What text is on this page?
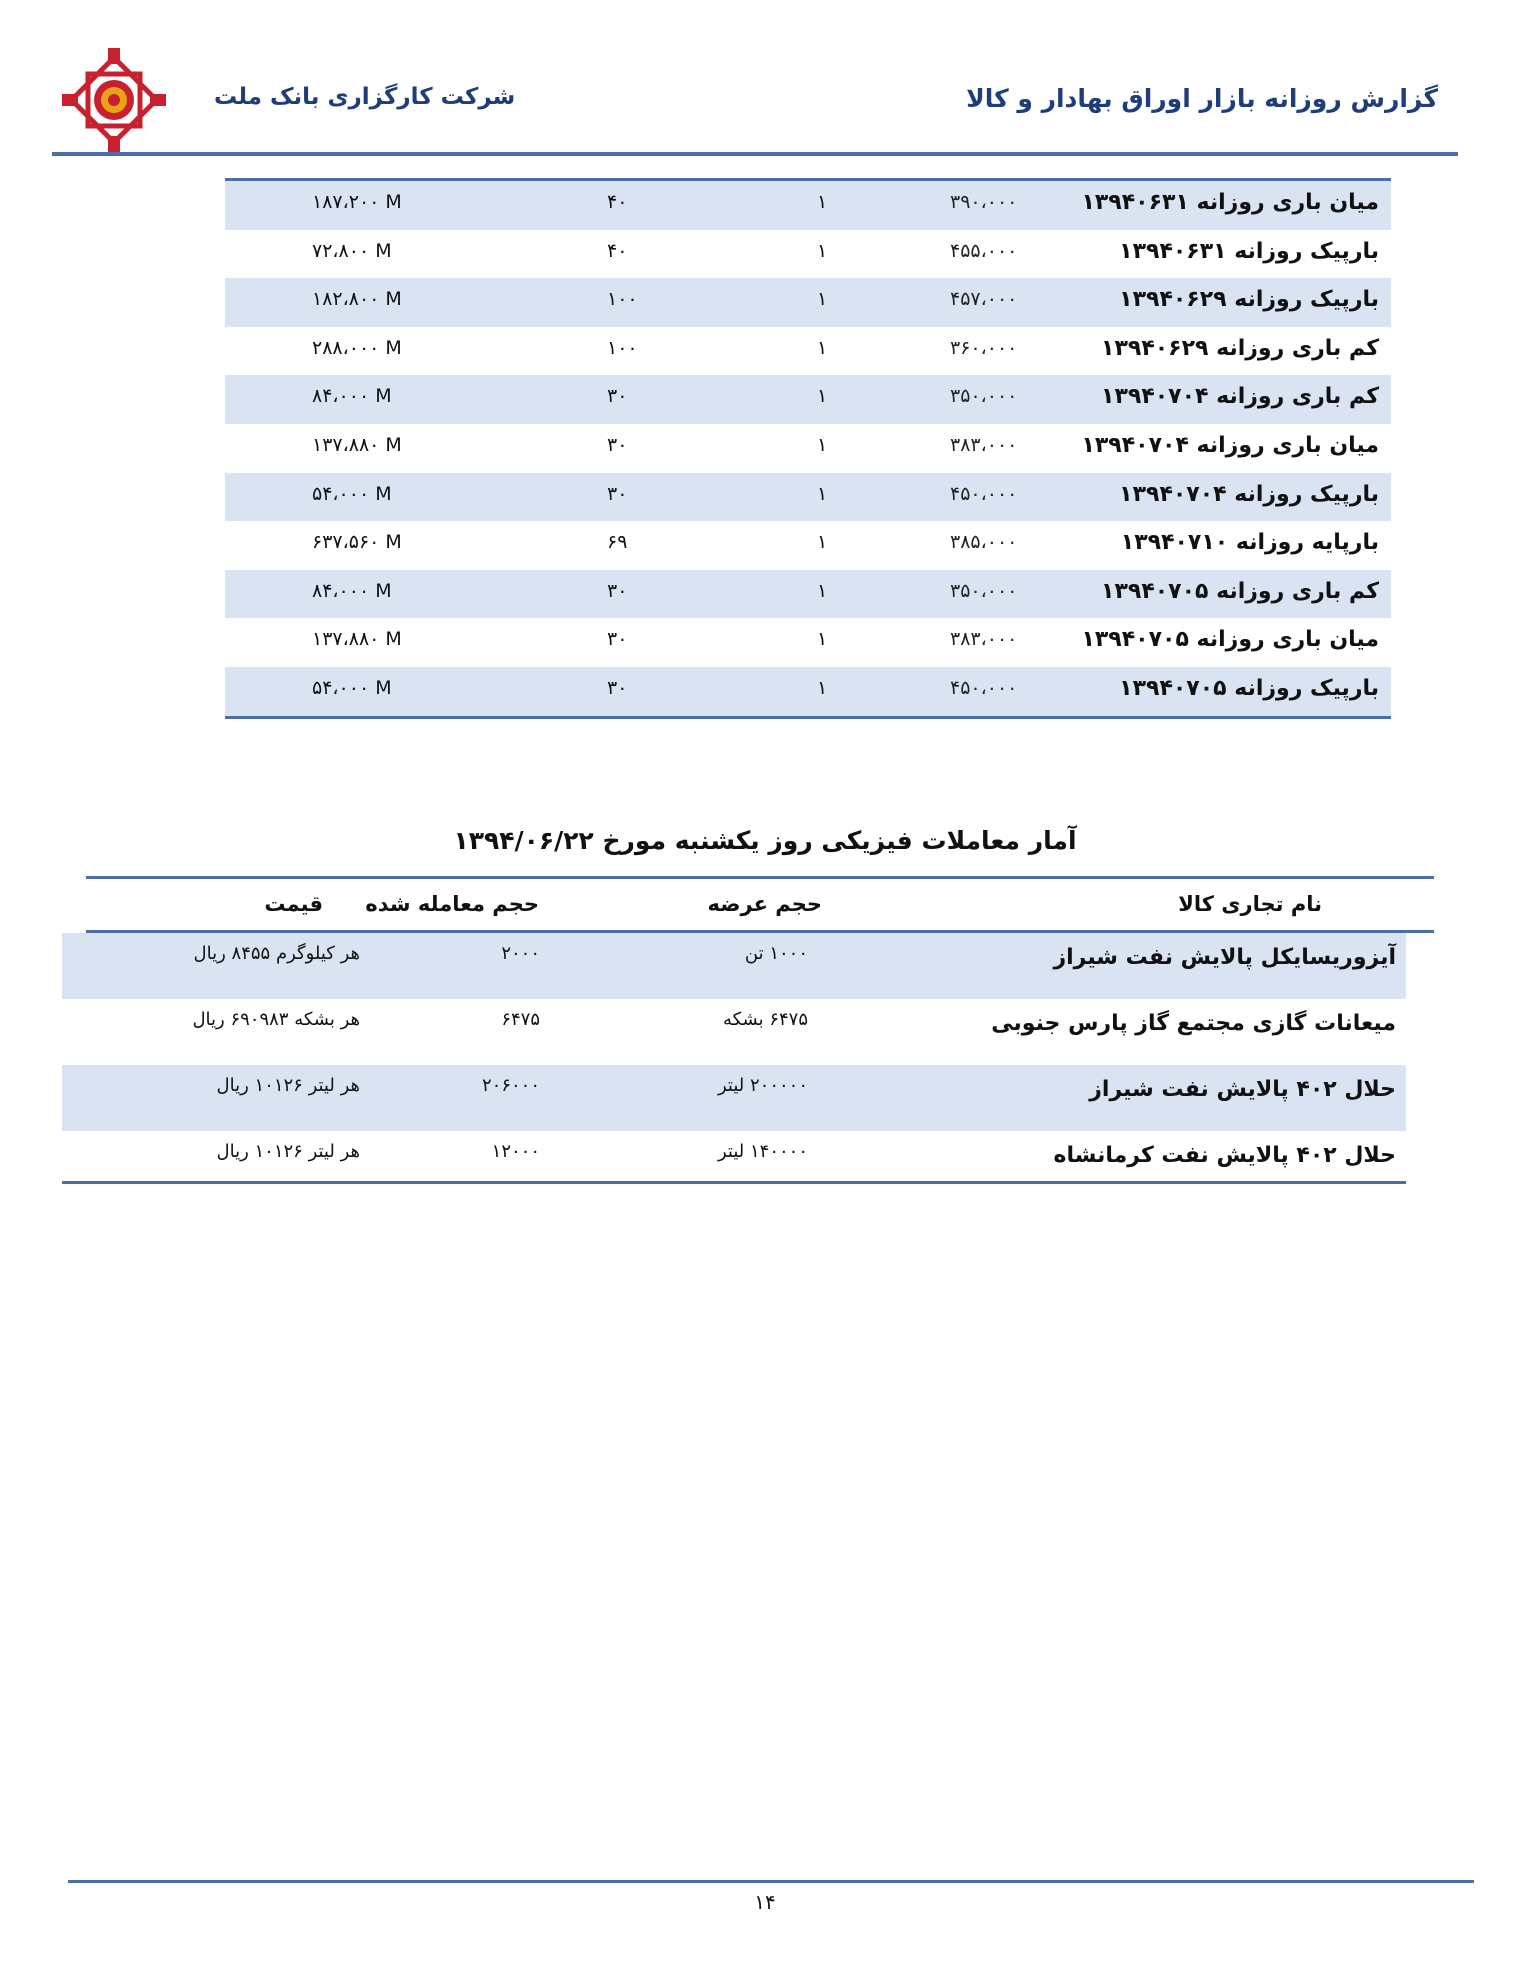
شرکت کارگزاری بانک ملت	گزارش روزانه بازار اوراق بهادار و کالا
میان باری روزانه ۱۳۹۴۰۶۳۱
۳۹۰،۰۰۰
۱
۴۰
۱۸۷،۲۰۰ M
بارپیک روزانه ۱۳۹۴۰۶۳۱
۴۵۵،۰۰۰
۱
۴۰
۷۲،۸۰۰ M
بارپیک روزانه ۱۳۹۴۰۶۲۹
۴۵۷،۰۰۰
۱
۱۰۰
۱۸۲،۸۰۰ M
کم باری روزانه ۱۳۹۴۰۶۲۹
۳۶۰،۰۰۰
۱
۱۰۰
۲۸۸،۰۰۰ M
کم باری روزانه ۱۳۹۴۰۷۰۴
۳۵۰،۰۰۰
۱
۳۰
۸۴،۰۰۰ M
میان باری روزانه ۱۳۹۴۰۷۰۴
۳۸۳،۰۰۰
۱
۳۰
۱۳۷،۸۸۰ M
بارپیک روزانه ۱۳۹۴۰۷۰۴
۴۵۰،۰۰۰
۱
۳۰
۵۴،۰۰۰ M
بارپایه روزانه ۱۳۹۴۰۷۱۰
۳۸۵،۰۰۰
۱
۶۹
۶۳۷،۵۶۰ M
کم باری روزانه ۱۳۹۴۰۷۰۵
۳۵۰،۰۰۰
۱
۳۰
۸۴،۰۰۰ M
میان باری روزانه ۱۳۹۴۰۷۰۵
۳۸۳،۰۰۰
۱
۳۰
۱۳۷،۸۸۰ M
بارپیک روزانه ۱۳۹۴۰۷۰۵
۴۵۰،۰۰۰
۱
۳۰
۵۴،۰۰۰ M
آمار معاملات فیزیکی روز یکشنبه مورخ ۱۳۹۴/۰۶/۲۲
نام تجاری کالا
حجم عرضه
حجم معامله شده
قیمت
آیزوریسایکل پالایش نفت شیراز
۱۰۰۰ تن
۲۰۰۰
هر کیلوگرم ۸۴۵۵ ریال
میعانات گازی مجتمع گاز پارس جنوبی
۶۴۷۵ بشکه
۶۴۷۵
هر بشکه ۶۹۰۹۸۳ ریال
حلال ۴۰۲ پالایش نفت شیراز
۲۰۰۰۰۰ لیتر
۲۰۶۰۰۰
هر لیتر ۱۰۱۲۶ ریال
حلال ۴۰۲ پالایش نفت کرمانشاه
۱۴۰۰۰۰ لیتر
۱۲۰۰۰
هر لیتر ۱۰۱۲۶ ریال
۱۴
